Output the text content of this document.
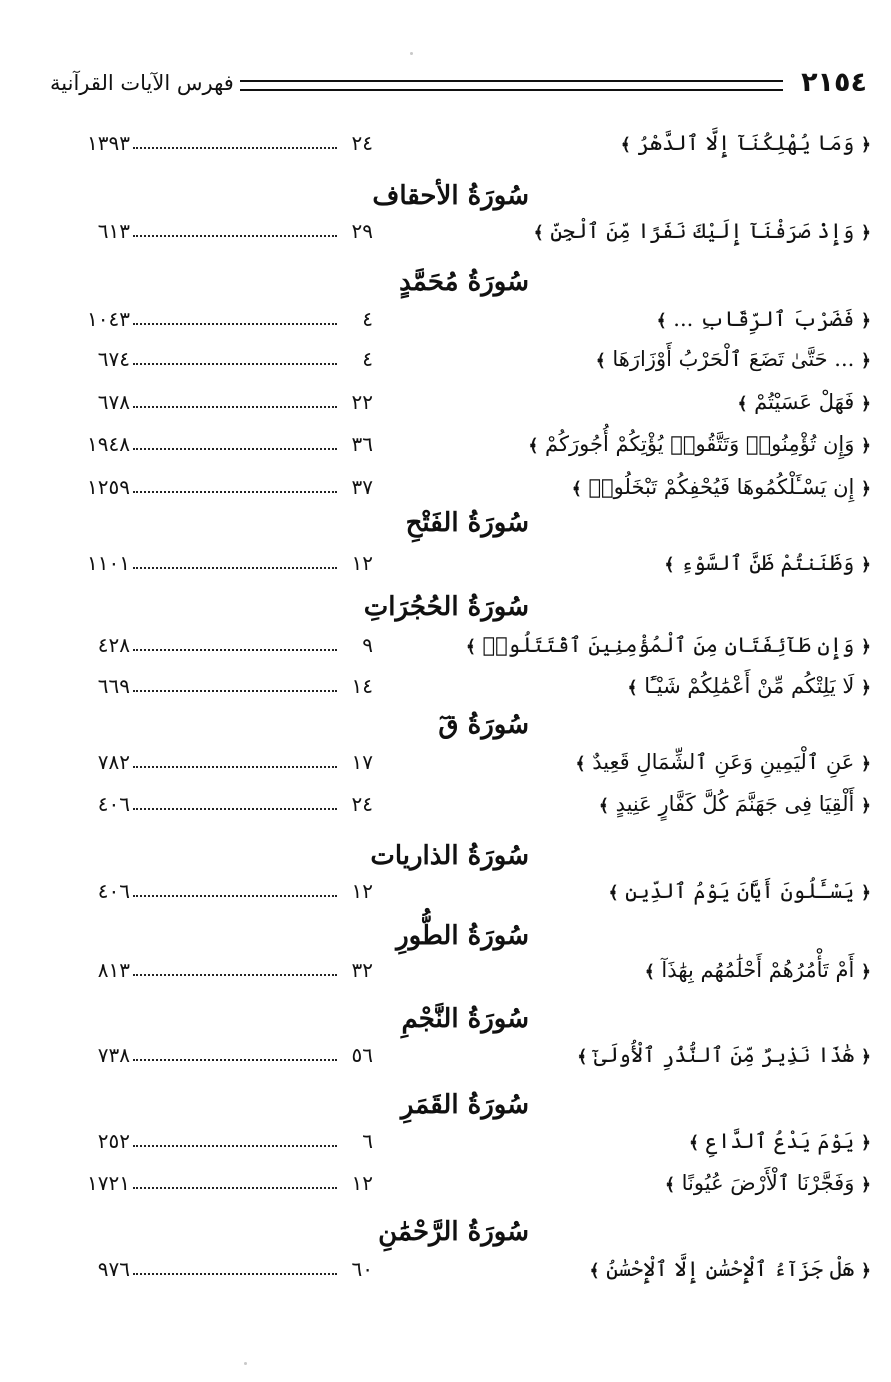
٢١٥٤
فهرس الآيات القرآنية
﴿ وَمَا يُهْلِكُنَآ إِلَّا ٱلدَّهْرُ ﴾
٢٤
١٣٩٣
سُورَةُ الأحقاف
﴿ وَإِذْ صَرَفْنَآ إِلَيْكَ نَفَرًا مِّنَ ٱلْجِنِّ ﴾
٢٩
٦١٣
سُورَةُ مُحَمَّدٍ
﴿ فَضَرْبَ ٱلرِّقَابِ ... ﴾
٤
١٠٤٣
﴿ ... حَتَّىٰ تَضَعَ ٱلْحَرْبُ أَوْزَارَهَا ﴾
٤
٦٧٤
﴿ فَهَلْ عَسَيْتُمْ ﴾
٢٢
٦٧٨
﴿ وَإِن تُؤْمِنُوا۟ وَتَتَّقُوا۟ يُؤْتِكُمْ أُجُورَكُمْ ﴾
٣٦
١٩٤٨
﴿ إِن يَسْـَٔلْكُمُوهَا فَيُحْفِكُمْ تَبْخَلُوا۟ ﴾
٣٧
١٢٥٩
سُورَةُ الفَتْحِ
﴿ وَظَنَنتُمْ ظَنَّ ٱلسَّوْءِ ﴾
١٢
١١٠١
سُورَةُ الحُجُرَاتِ
﴿ وَإِن طَآئِفَتَانِ مِنَ ٱلْمُؤْمِنِينَ ٱقْتَتَلُوا۟ ﴾
٩
٤٢٨
﴿ لَا يَلِتْكُم مِّنْ أَعْمَٰلِكُمْ شَيْـًٔا ﴾
١٤
٦٦٩
سُورَةُ قٓ
﴿ عَنِ ٱلْيَمِينِ وَعَنِ ٱلشِّمَالِ قَعِيدٌ ﴾
١٧
٧٨٢
﴿ أَلْقِيَا فِى جَهَنَّمَ كُلَّ كَفَّارٍ عَنِيدٍ ﴾
٢٤
٤٠٦
سُورَةُ الذاريات
﴿ يَسْـَٔلُونَ أَيَّانَ يَوْمُ ٱلدِّينِ ﴾
١٢
٤٠٦
سُورَةُ الطُّورِ
﴿ أَمْ تَأْمُرُهُمْ أَحْلَٰمُهُم بِهَٰذَآ ﴾
٣٢
٨١٣
سُورَةُ النَّجْمِ
﴿ هَٰذَا نَذِيرٌ مِّنَ ٱلنُّذُرِ ٱلْأُولَىٰٓ ﴾
٥٦
٧٣٨
سُورَةُ القَمَرِ
﴿ يَوْمَ يَدْعُ ٱلدَّاعِ ﴾
٦
٢٥٢
﴿ وَفَجَّرْنَا ٱلْأَرْضَ عُيُونًا ﴾
١٢
١٧٢١
سُورَةُ الرَّحْمَٰنِ
﴿ هَلْ جَزَآءُ ٱلْإِحْسَٰنِ إِلَّا ٱلْإِحْسَٰنُ ﴾
٦٠
٩٧٦
